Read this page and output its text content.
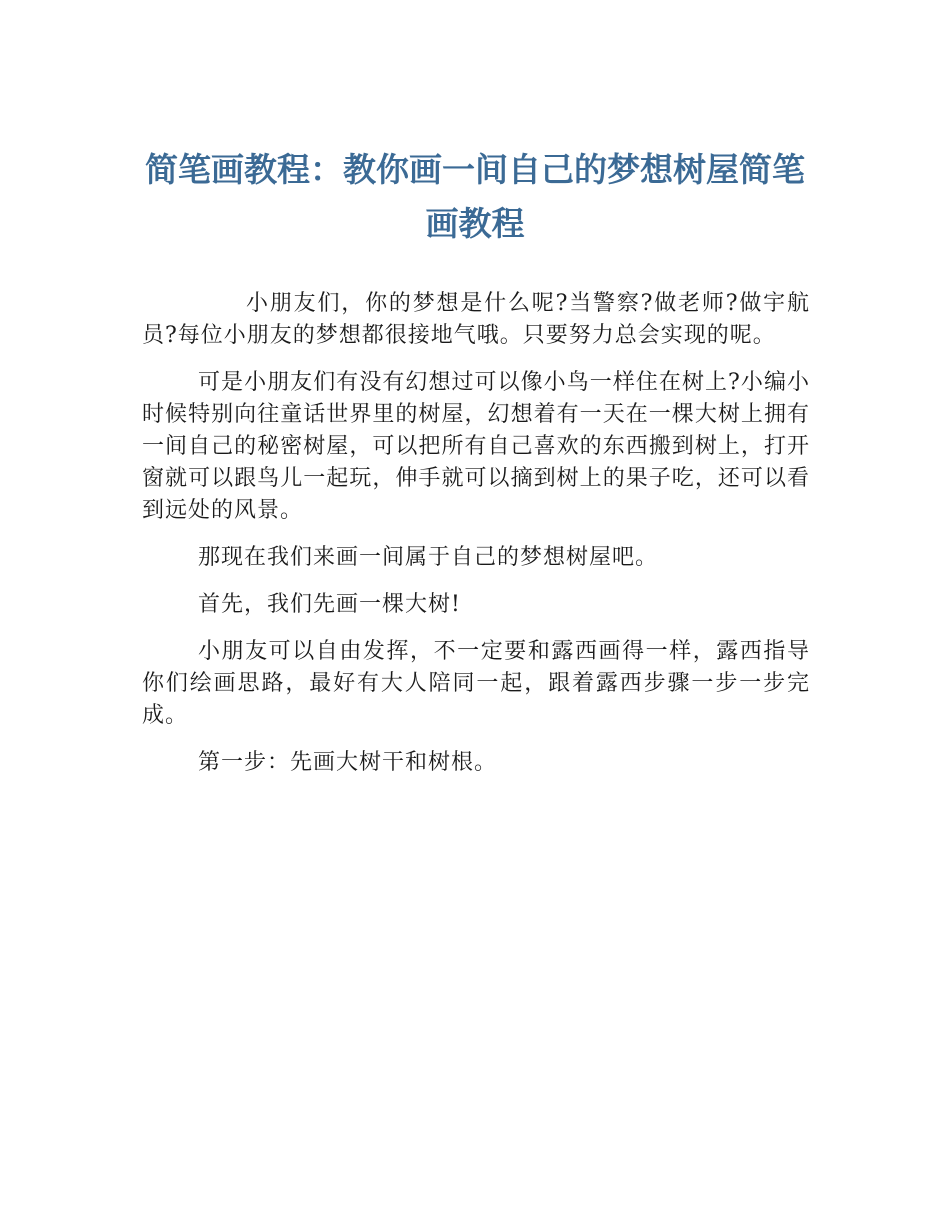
简笔画教程：教你画一间自己的梦想树屋简笔画教程

小朋友们，你的梦想是什么呢?当警察?做老师?做宇航员?每位小朋友的梦想都很接地气哦。只要努力总会实现的呢。

可是小朋友们有没有幻想过可以像小鸟一样住在树上?小编小时候特别向往童话世界里的树屋，幻想着有一天在一棵大树上拥有一间自己的秘密树屋，可以把所有自己喜欢的东西搬到树上，打开窗就可以跟鸟儿一起玩，伸手就可以摘到树上的果子吃，还可以看到远处的风景。

那现在我们来画一间属于自己的梦想树屋吧。

首先，我们先画一棵大树!

小朋友可以自由发挥，不一定要和露西画得一样，露西指导你们绘画思路，最好有大人陪同一起，跟着露西步骤一步一步完成。

第一步：先画大树干和树根。
